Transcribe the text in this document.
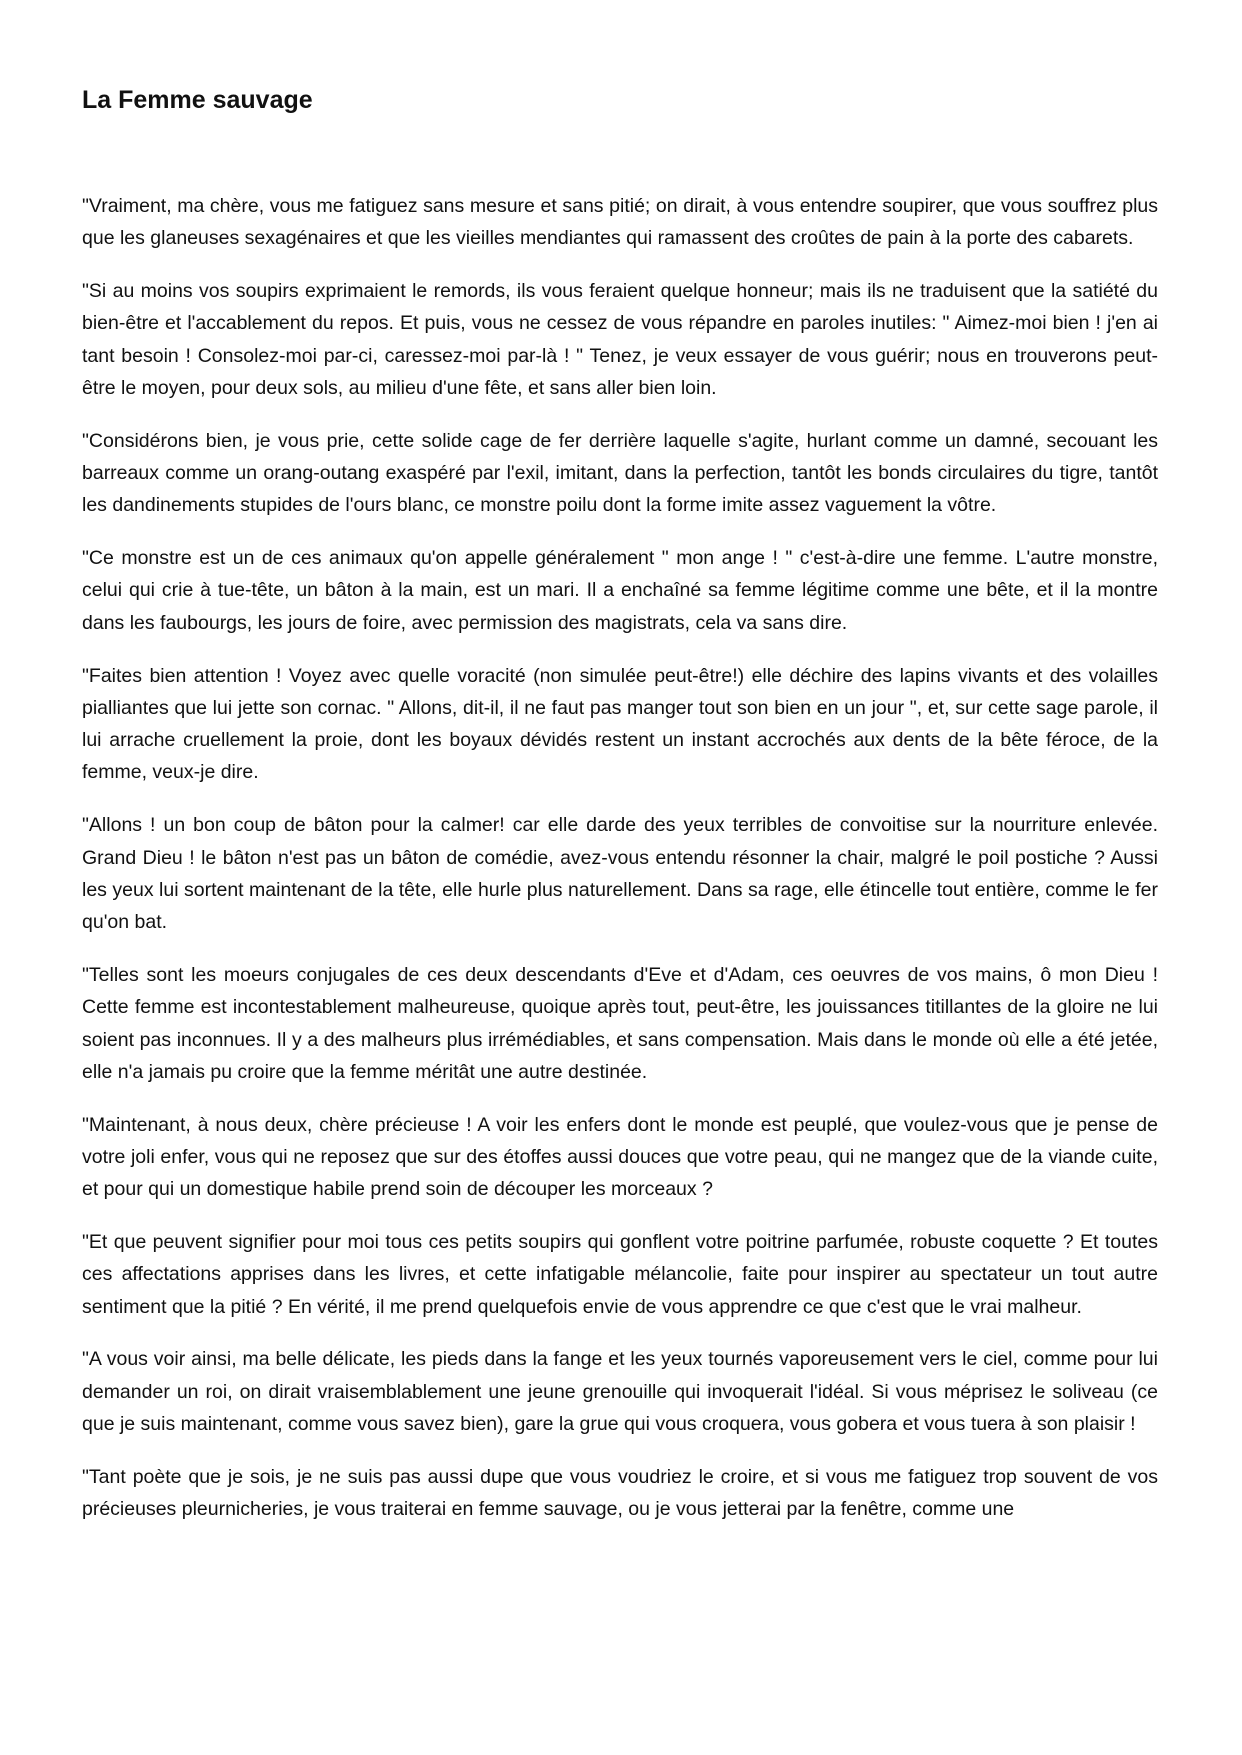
La Femme sauvage

"Vraiment, ma chère, vous me fatiguez sans mesure et sans pitié; on dirait, à vous entendre soupirer, que vous souffrez plus que les glaneuses sexagénaires et que les vieilles mendiantes qui ramassent des croûtes de pain à la porte des cabarets.

"Si au moins vos soupirs exprimaient le remords, ils vous feraient quelque honneur; mais ils ne traduisent que la satiété du bien-être et l'accablement du repos. Et puis, vous ne cessez de vous répandre en paroles inutiles: " Aimez-moi bien ! j'en ai tant besoin ! Consolez-moi par-ci, caressez-moi par-là ! " Tenez, je veux essayer de vous guérir; nous en trouverons peut-être le moyen, pour deux sols, au milieu d'une fête, et sans aller bien loin.

"Considérons bien, je vous prie, cette solide cage de fer derrière laquelle s'agite, hurlant comme un damné, secouant les barreaux comme un orang-outang exaspéré par l'exil, imitant, dans la perfection, tantôt les bonds circulaires du tigre, tantôt les dandinements stupides de l'ours blanc, ce monstre poilu dont la forme imite assez vaguement la vôtre.

"Ce monstre est un de ces animaux qu'on appelle généralement " mon ange ! " c'est-à-dire une femme. L'autre monstre, celui qui crie à tue-tête, un bâton à la main, est un mari. Il a enchaîné sa femme légitime comme une bête, et il la montre dans les faubourgs, les jours de foire, avec permission des magistrats, cela va sans dire.

"Faites bien attention ! Voyez avec quelle voracité (non simulée peut-être!) elle déchire des lapins vivants et des volailles pialliantes que lui jette son cornac. " Allons, dit-il, il ne faut pas manger tout son bien en un jour ", et, sur cette sage parole, il lui arrache cruellement la proie, dont les boyaux dévidés restent un instant accrochés aux dents de la bête féroce, de la femme, veux-je dire.

"Allons ! un bon coup de bâton pour la calmer! car elle darde des yeux terribles de convoitise sur la nourriture enlevée. Grand Dieu ! le bâton n'est pas un bâton de comédie, avez-vous entendu résonner la chair, malgré le poil postiche ? Aussi les yeux lui sortent maintenant de la tête, elle hurle plus naturellement. Dans sa rage, elle étincelle tout entière, comme le fer qu'on bat.

"Telles sont les moeurs conjugales de ces deux descendants d'Eve et d'Adam, ces oeuvres de vos mains, ô mon Dieu ! Cette femme est incontestablement malheureuse, quoique après tout, peut-être, les jouissances titillantes de la gloire ne lui soient pas inconnues. Il y a des malheurs plus irrémédiables, et sans compensation. Mais dans le monde où elle a été jetée, elle n'a jamais pu croire que la femme méritât une autre destinée.

"Maintenant, à nous deux, chère précieuse ! A voir les enfers dont le monde est peuplé, que voulez-vous que je pense de votre joli enfer, vous qui ne reposez que sur des étoffes aussi douces que votre peau, qui ne mangez que de la viande cuite, et pour qui un domestique habile prend soin de découper les morceaux ?

"Et que peuvent signifier pour moi tous ces petits soupirs qui gonflent votre poitrine parfumée, robuste coquette ? Et toutes ces affectations apprises dans les livres, et cette infatigable mélancolie, faite pour inspirer au spectateur un tout autre sentiment que la pitié ? En vérité, il me prend quelquefois envie de vous apprendre ce que c'est que le vrai malheur.

"A vous voir ainsi, ma belle délicate, les pieds dans la fange et les yeux tournés vaporeusement vers le ciel, comme pour lui demander un roi, on dirait vraisemblablement une jeune grenouille qui invoquerait l'idéal. Si vous méprisez le soliveau (ce que je suis maintenant, comme vous savez bien), gare la grue qui vous croquera, vous gobera et vous tuera à son plaisir !

"Tant poète que je sois, je ne suis pas aussi dupe que vous voudriez le croire, et si vous me fatiguez trop souvent de vos précieuses pleurnicheries, je vous traiterai en femme sauvage, ou je vous jetterai par la fenêtre, comme une
